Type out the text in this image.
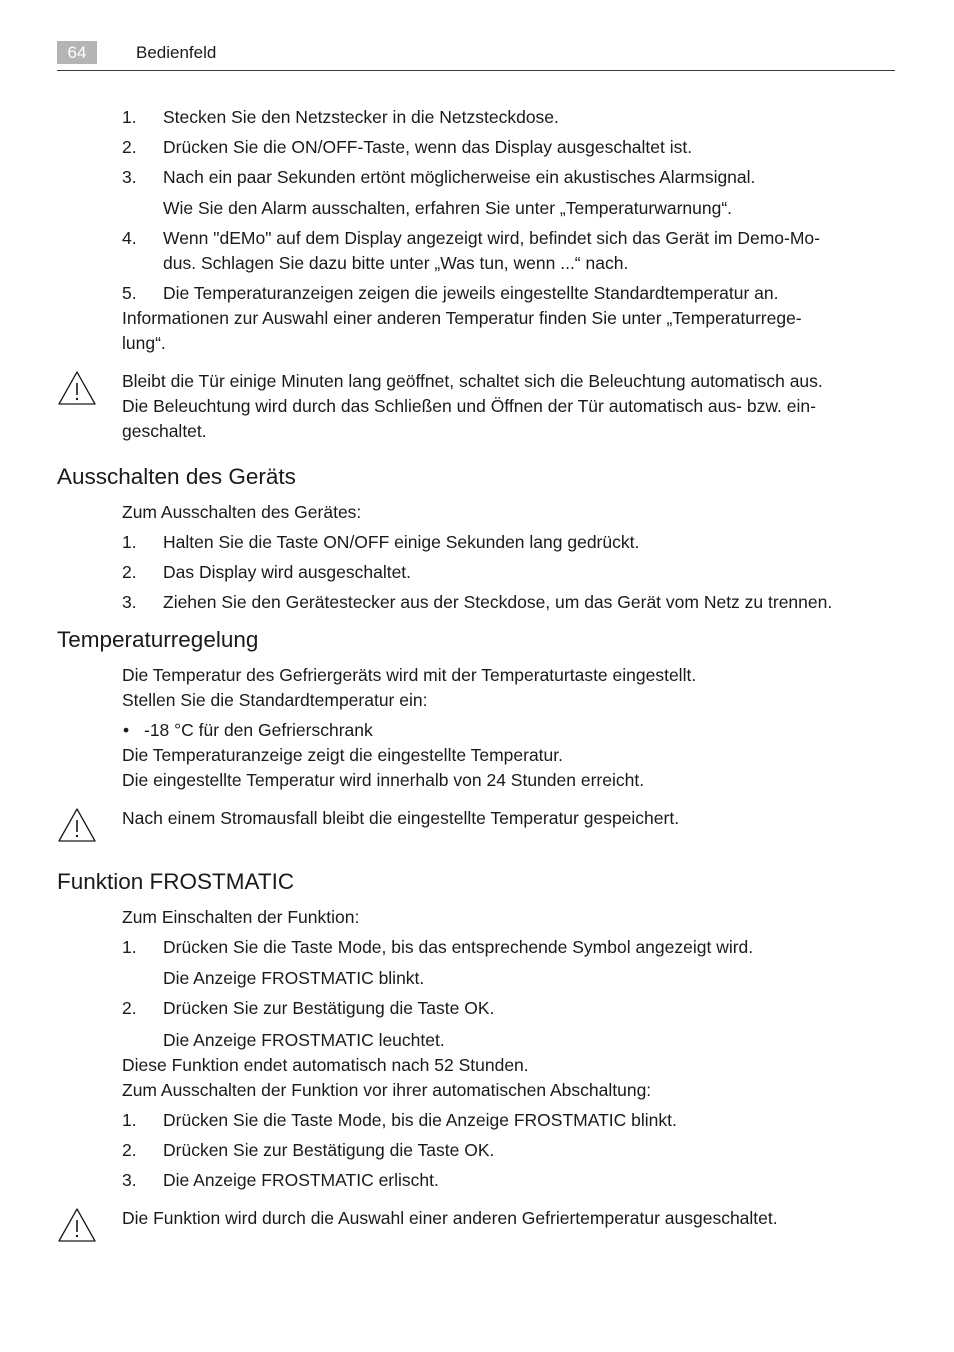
64	Bedienfeld
1. Stecken Sie den Netzstecker in die Netzsteckdose.
2. Drücken Sie die ON/OFF-Taste, wenn das Display ausgeschaltet ist.
3. Nach ein paar Sekunden ertönt möglicherweise ein akustisches Alarmsignal.
Wie Sie den Alarm ausschalten, erfahren Sie unter „Temperaturwarnung“.
4. Wenn "dEMo" auf dem Display angezeigt wird, befindet sich das Gerät im Demo-Mo-
dus. Schlagen Sie dazu bitte unter „Was tun, wenn ...“ nach.
5. Die Temperaturanzeigen zeigen die jeweils eingestellte Standardtemperatur an.
Informationen zur Auswahl einer anderen Temperatur finden Sie unter „Temperaturrege-
lung“.
Bleibt die Tür einige Minuten lang geöffnet, schaltet sich die Beleuchtung automatisch aus.
Die Beleuchtung wird durch das Schließen und Öffnen der Tür automatisch aus- bzw. ein-
geschaltet.
Ausschalten des Geräts
Zum Ausschalten des Gerätes:
1. Halten Sie die Taste ON/OFF einige Sekunden lang gedrückt.
2. Das Display wird ausgeschaltet.
3. Ziehen Sie den Gerätestecker aus der Steckdose, um das Gerät vom Netz zu trennen.
Temperaturregelung
Die Temperatur des Gefriergeräts wird mit der Temperaturtaste eingestellt.
Stellen Sie die Standardtemperatur ein:
• -18 °C für den Gefrierschrank
Die Temperaturanzeige zeigt die eingestellte Temperatur.
Die eingestellte Temperatur wird innerhalb von 24 Stunden erreicht.
Nach einem Stromausfall bleibt die eingestellte Temperatur gespeichert.
Funktion FROSTMATIC
Zum Einschalten der Funktion:
1. Drücken Sie die Taste Mode, bis das entsprechende Symbol angezeigt wird.
Die Anzeige FROSTMATIC blinkt.
2. Drücken Sie zur Bestätigung die Taste OK.
Die Anzeige FROSTMATIC leuchtet.
Diese Funktion endet automatisch nach 52 Stunden.
Zum Ausschalten der Funktion vor ihrer automatischen Abschaltung:
1. Drücken Sie die Taste Mode, bis die Anzeige FROSTMATIC blinkt.
2. Drücken Sie zur Bestätigung die Taste OK.
3. Die Anzeige FROSTMATIC erlischt.
Die Funktion wird durch die Auswahl einer anderen Gefriertemperatur ausgeschaltet.
